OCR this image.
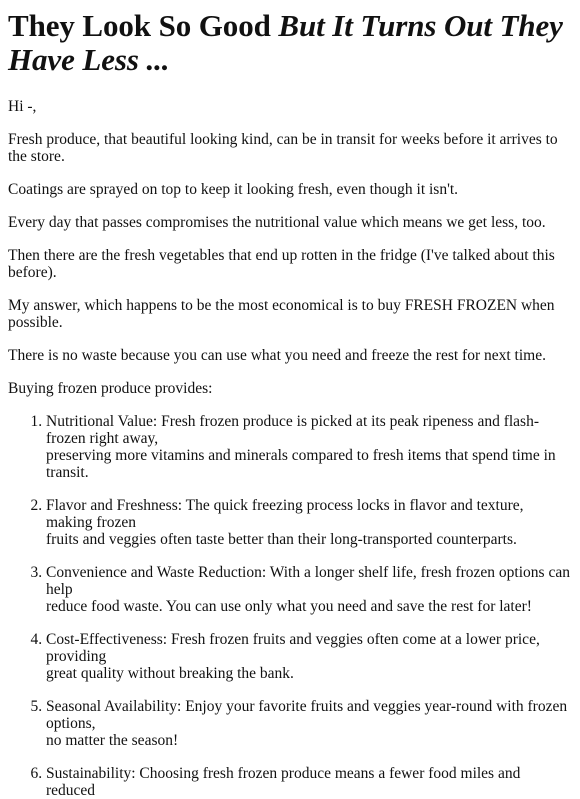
They Look So Good But It Turns Out They Have Less ...

Hi -,

Fresh produce, that beautiful looking kind, can be in transit for weeks before it arrives to the store.

Coatings are sprayed on top to keep it looking fresh, even though it isn't.

Every day that passes compromises the nutritional value which means we get less, too.

Then there are the fresh vegetables that end up rotten in the fridge (I've talked about this before).

My answer, which happens to be the most economical is to buy FRESH FROZEN when possible.

There is no waste because you can use what you need and freeze the rest for next time.

Buying frozen produce provides:

1. Nutritional Value: Fresh frozen produce is picked at its peak ripeness and flash-frozen right away,
preserving more vitamins and minerals compared to fresh items that spend time in transit.
2. Flavor and Freshness: The quick freezing process locks in flavor and texture, making frozen
fruits and veggies often taste better than their long-transported counterparts.
3. Convenience and Waste Reduction: With a longer shelf life, fresh frozen options can help
reduce food waste. You can use only what you need and save the rest for later!
4. Cost-Effectiveness: Fresh frozen fruits and veggies often come at a lower price, providing
great quality without breaking the bank.
5. Seasonal Availability: Enjoy your favorite fruits and veggies year-round with frozen options,
no matter the season!
6. Sustainability: Choosing fresh frozen produce means a fewer food miles and reduced
